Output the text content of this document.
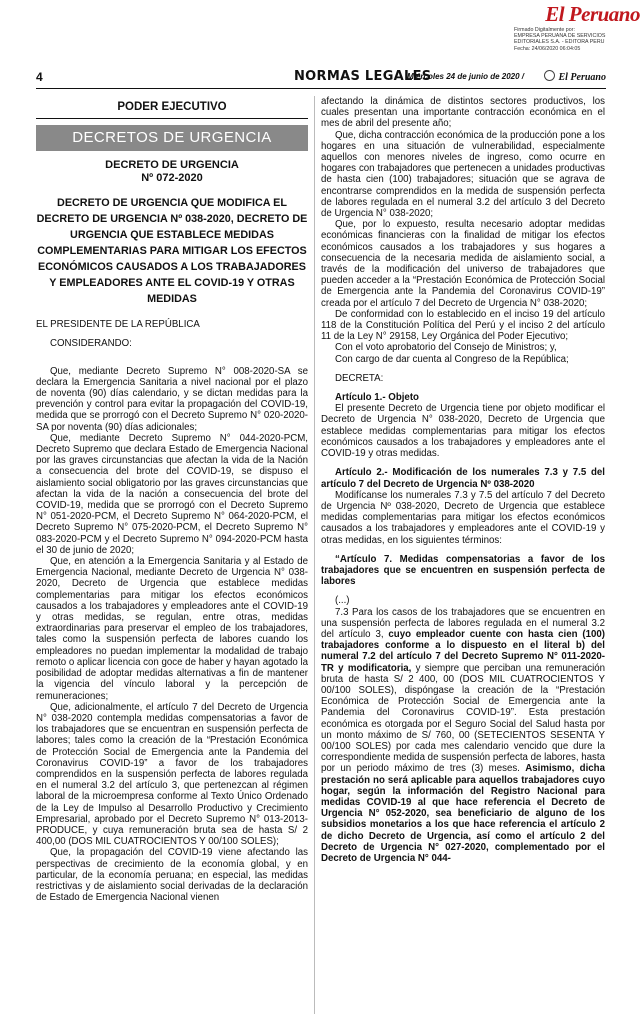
El Peruano
Firmado Digitalmente por:
EMPRESA PERUANA DE SERVICIOS
EDITORIALES S.A. - EDITORA PERU
Fecha: 24/06/2020 06:04:05
4	NORMAS LEGALES
Miércoles 24 de junio de 2020 /	El Peruano
PODER EJECUTIVO
DECRETOS DE URGENCIA
DECRETO DE URGENCIA
Nº 072-2020
DECRETO DE URGENCIA QUE MODIFICA EL DECRETO DE URGENCIA Nº 038-2020, DECRETO DE URGENCIA QUE ESTABLECE MEDIDAS COMPLEMENTARIAS PARA MITIGAR LOS EFECTOS ECONÓMICOS CAUSADOS A LOS TRABAJADORES Y EMPLEADORES ANTE EL COVID-19 Y OTRAS MEDIDAS

EL PRESIDENTE DE LA REPÚBLICA

CONSIDERANDO:

Que, mediante Decreto Supremo N° 008-2020-SA se declara la Emergencia Sanitaria a nivel nacional por el plazo de noventa (90) días calendario, y se dictan medidas para la prevención y control para evitar la propagación del COVID-19, medida que se prorrogó con el Decreto Supremo N° 020-2020-SA por noventa (90) días adicionales;

Que, mediante Decreto Supremo N° 044-2020-PCM, Decreto Supremo que declara Estado de Emergencia Nacional por las graves circunstancias que afectan la vida de la Nación a consecuencia del brote del COVID-19, se dispuso el aislamiento social obligatorio por las graves circunstancias que afectan la vida de la nación a consecuencia del brote del COVID-19, medida que se prorrogó con el Decreto Supremo N° 051-2020-PCM, el Decreto Supremo N° 064-2020-PCM, el Decreto Supremo N° 075-2020-PCM, el Decreto Supremo N° 083-2020-PCM y el Decreto Supremo N° 094-2020-PCM hasta el 30 de junio de 2020;

Que, en atención a la Emergencia Sanitaria y al Estado de Emergencia Nacional, mediante Decreto de Urgencia N° 038-2020, Decreto de Urgencia que establece medidas complementarias para mitigar los efectos económicos causados a los trabajadores y empleadores ante el COVID-19 y otras medidas, se regulan, entre otras, medidas extraordinarias para preservar el empleo de los trabajadores, tales como la suspensión perfecta de labores cuando los empleadores no puedan implementar la modalidad de trabajo remoto o aplicar licencia con goce de haber y hayan agotado la posibilidad de adoptar medidas alternativas a fin de mantener la vigencia del vínculo laboral y la percepción de remuneraciones;

Que, adicionalmente, el artículo 7 del Decreto de Urgencia N° 038-2020 contempla medidas compensatorias a favor de los trabajadores que se encuentran en suspensión perfecta de labores; tales como la creación de la “Prestación Económica de Protección Social de Emergencia ante la Pandemia del Coronavirus COVID-19” a favor de los trabajadores comprendidos en la suspensión perfecta de labores regulada en el numeral 3.2 del artículo 3, que pertenezcan al régimen laboral de la microempresa conforme al Texto Único Ordenado de la Ley de Impulso al Desarrollo Productivo y Crecimiento Empresarial, aprobado por el Decreto Supremo N° 013-2013-PRODUCE, y cuya remuneración bruta sea de hasta S/ 2 400,00 (DOS MIL CUATROCIENTOS Y 00/100 SOLES);

Que, la propagación del COVID-19 viene afectando las perspectivas de crecimiento de la economía global, y en particular, de la economía peruana; en especial, las medidas restrictivas y de aislamiento social derivadas de la declaración de Estado de Emergencia Nacional vienen

afectando la dinámica de distintos sectores productivos, los cuales presentan una importante contracción económica en el mes de abril del presente año;

Que, dicha contracción económica de la producción pone a los hogares en una situación de vulnerabilidad, especialmente aquellos con menores niveles de ingreso, como ocurre en hogares con trabajadores que pertenecen a unidades productivas de hasta cien (100) trabajadores; situación que se agrava de encontrarse comprendidos en la medida de suspensión perfecta de labores regulada en el numeral 3.2 del artículo 3 del Decreto de Urgencia N° 038-2020;

Que, por lo expuesto, resulta necesario adoptar medidas económicas financieras con la finalidad de mitigar los efectos económicos causados a los trabajadores y sus hogares a consecuencia de la necesaria medida de aislamiento social, a través de la modificación del universo de trabajadores que pueden acceder a la “Prestación Económica de Protección Social de Emergencia ante la Pandemia del Coronavirus COVID-19” creada por el artículo 7 del Decreto de Urgencia N° 038-2020;

De conformidad con lo establecido en el inciso 19 del artículo 118 de la Constitución Política del Perú y el inciso 2 del artículo 11 de la Ley N° 29158, Ley Orgánica del Poder Ejecutivo;

Con el voto aprobatorio del Consejo de Ministros; y,

Con cargo de dar cuenta al Congreso de la República;

DECRETA:

Artículo 1.- Objeto

El presente Decreto de Urgencia tiene por objeto modificar el Decreto de Urgencia N° 038-2020, Decreto de Urgencia que establece medidas complementarias para mitigar los efectos económicos causados a los trabajadores y empleadores ante el COVID-19 y otras medidas.

Artículo 2.- Modificación de los numerales 7.3 y 7.5 del artículo 7 del Decreto de Urgencia Nº 038-2020

Modifícanse los numerales 7.3 y 7.5 del artículo 7 del Decreto de Urgencia Nº 038-2020, Decreto de Urgencia que establece medidas complementarias para mitigar los efectos económicos causados a los trabajadores y empleadores ante el COVID-19 y otras medidas, en los siguientes términos:

“Artículo 7. Medidas compensatorias a favor de los trabajadores que se encuentren en suspensión perfecta de labores

(...)

7.3 Para los casos de los trabajadores que se encuentren en una suspensión perfecta de labores regulada en el numeral 3.2 del artículo 3, cuyo empleador cuente con hasta cien (100) trabajadores conforme a lo dispuesto en el literal b) del numeral 7.2 del artículo 7 del Decreto Supremo N° 011-2020-TR y modificatoria, y siempre que perciban una remuneración bruta de hasta S/ 2 400, 00 (DOS MIL CUATROCIENTOS Y 00/100 SOLES), dispóngase la creación de la “Prestación Económica de Protección Social de Emergencia ante la Pandemia del Coronavirus COVID-19”. Esta prestación económica es otorgada por el Seguro Social del Salud hasta por un monto máximo de S/ 760, 00 (SETECIENTOS SESENTA Y 00/100 SOLES) por cada mes calendario vencido que dure la correspondiente medida de suspensión perfecta de labores, hasta por un periodo máximo de tres (3) meses. Asimismo, dicha prestación no será aplicable para aquellos trabajadores cuyo hogar, según la información del Registro Nacional para medidas COVID-19 al que hace referencia el Decreto de Urgencia N° 052-2020, sea beneficiario de alguno de los subsidios monetarios a los que hace referencia el artículo 2 de dicho Decreto de Urgencia, así como el artículo 2 del Decreto de Urgencia N° 027-2020, complementado por el Decreto de Urgencia N° 044-
